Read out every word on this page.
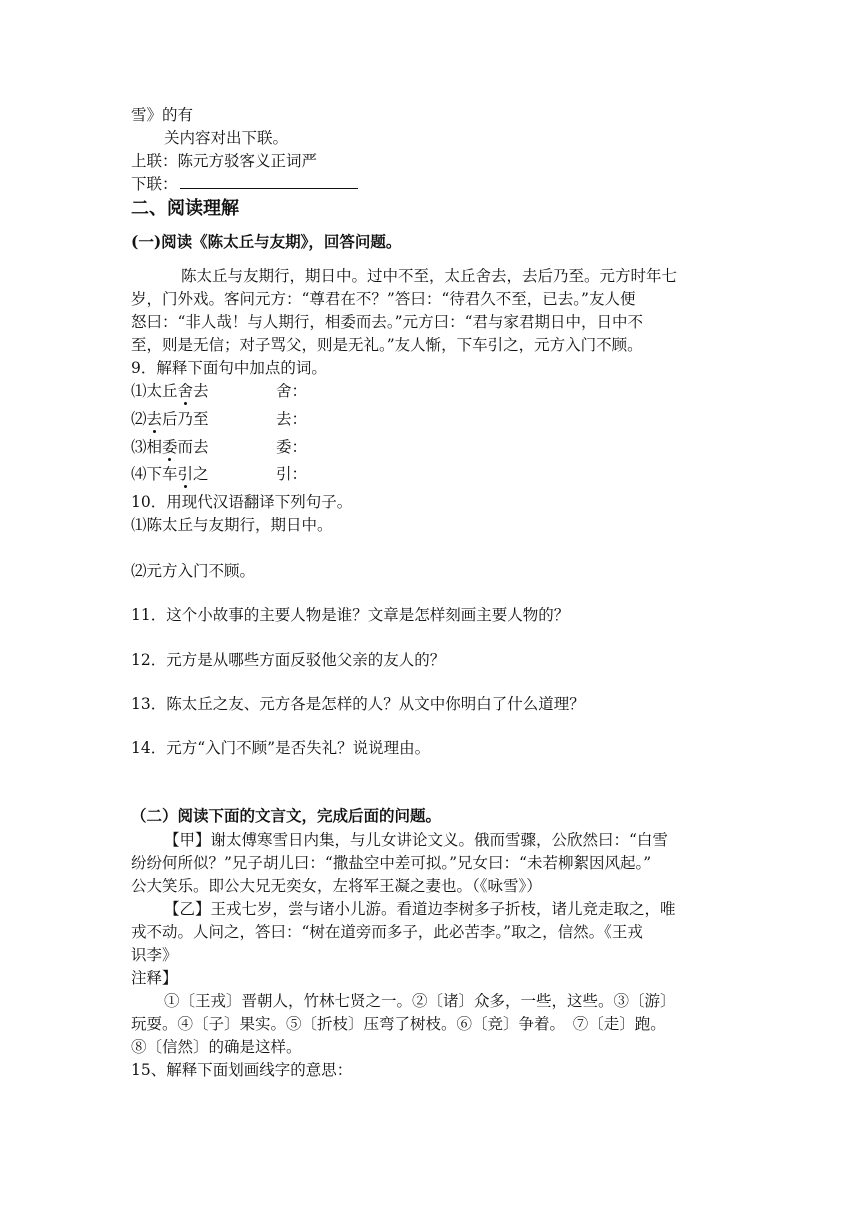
雪》的有
关内容对出下联。
上联：陈元方驳客义正词严
下联：
二、阅读理解
(一)阅读《陈太丘与友期》，回答问题。
陈太丘与友期行，期日中。过中不至，太丘舍去，去后乃至。元方时年七
岁，门外戏。客问元方：“尊君在不？”答曰：“待君久不至，已去。”友人便
怒曰：“非人哉！与人期行，相委而去。”元方曰：“君与家君期日中，日中不
至，则是无信；对子骂父，则是无礼。”友人惭，下车引之，元方入门不顾。
9．解释下面句中加点的词。
⑴太丘舍去	舍：
⑵去后乃至	去：
⑶相委而去	委：
⑷下车引之	引：
10．用现代汉语翻译下列句子。
⑴陈太丘与友期行，期日中。
⑵元方入门不顾。
11．这个小故事的主要人物是谁？文章是怎样刻画主要人物的？
12．元方是从哪些方面反驳他父亲的友人的？
13．陈太丘之友、元方各是怎样的人？从文中你明白了什么道理？
14．元方“入门不顾”是否失礼？说说理由。
（二）阅读下面的文言文，完成后面的问题。
【甲】谢太傅寒雪日内集，与儿女讲论文义。俄而雪骤，公欣然曰：“白雪
纷纷何所似？”兄子胡儿曰：“撒盐空中差可拟。”兄女曰：“未若柳絮因风起。”
公大笑乐。即公大兄无奕女，左将军王凝之妻也。（《咏雪》）
【乙】王戎七岁，尝与诸小儿游。看道边李树多子折枝，诸儿竞走取之，唯
戎不动。人问之，答曰：“树在道旁而多子，此必苦李。”取之，信然。《王戎
识李》
注释】
①〔王戎〕晋朝人，竹林七贤之一。②〔诸〕众多，一些，这些。③〔游〕
玩耍。④〔子〕果实。⑤〔折枝〕压弯了树枝。⑥〔竞〕争着。　⑦〔走〕跑。
⑧〔信然〕的确是这样。
15、解释下面划画线字的意思：
